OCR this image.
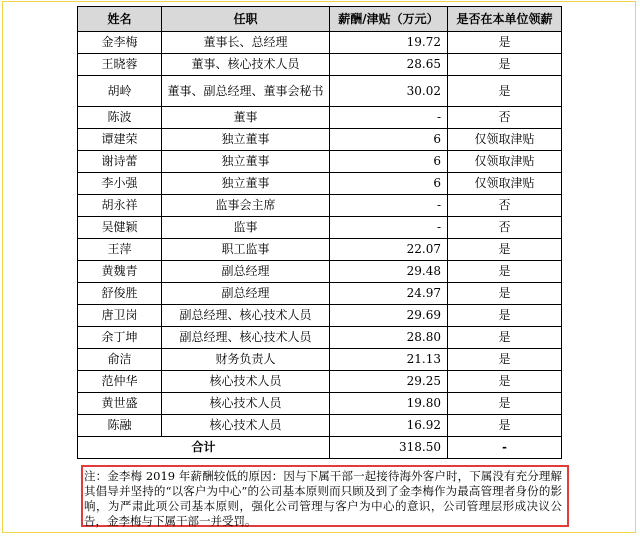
姓名	任职	薪酬/津贴（万元）	是否在本单位领薪
金李梅	董事长、总经理	19.72	是
王晓蓉	董事、核心技术人员	28.65	是
胡岭	董事、副总经理、董事会秘书	30.02	是
陈波	董事	-	否
谭建荣	独立董事	6	仅领取津贴
谢诗蕾	独立董事	6	仅领取津贴
李小强	独立董事	6	仅领取津贴
胡永祥	监事会主席	-	否
吴健颖	监事	-	否
王萍	职工监事	22.07	是
黄魏青	副总经理	29.48	是
舒俊胜	副总经理	24.97	是
唐卫岗	副总经理、核心技术人员	29.69	是
余丁坤	副总经理、核心技术人员	28.80	是
俞洁	财务负责人	21.13	是
范仲华	核心技术人员	29.25	是
黄世盛	核心技术人员	19.80	是
陈融	核心技术人员	16.92	是
合计		318.50	-
注：金李梅 2019 年薪酬较低的原因：因与下属干部一起接待海外客户时，下属没有充分理解其倡导并坚持的“以客户为中心”的公司基本原则而只顾及到了金李梅作为最高管理者身份的影响，为严肃此项公司基本原则，强化公司管理与客户为中心的意识，公司管理层形成决议公告，金李梅与下属干部一并受罚。
